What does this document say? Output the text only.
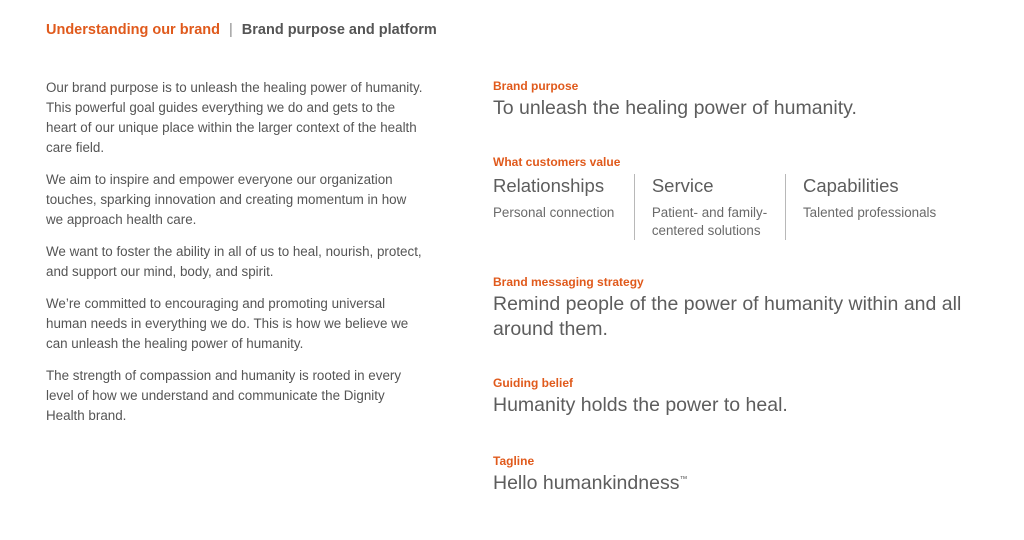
Understanding our brand | Brand purpose and platform

Our brand purpose is to unleash the healing power of humanity. This powerful goal guides everything we do and gets to the heart of our unique place within the larger context of the health care field.

We aim to inspire and empower everyone our organization touches, sparking innovation and creating momentum in how we approach health care.

We want to foster the ability in all of us to heal, nourish, protect, and support our mind, body, and spirit.

We’re committed to encouraging and promoting universal human needs in everything we do. This is how we believe we can unleash the healing power of humanity.

The strength of compassion and humanity is rooted in every level of how we understand and communicate the Dignity Health brand.

Brand purpose
To unleash the healing power of humanity.
What customers value
Relationships
Personal connection
Service
Patient- and family-centered solutions
Capabilities
Talented professionals
Brand messaging strategy
Remind people of the power of humanity within and all around them.
Guiding belief
Humanity holds the power to heal.
Tagline
Hello humankindness™
